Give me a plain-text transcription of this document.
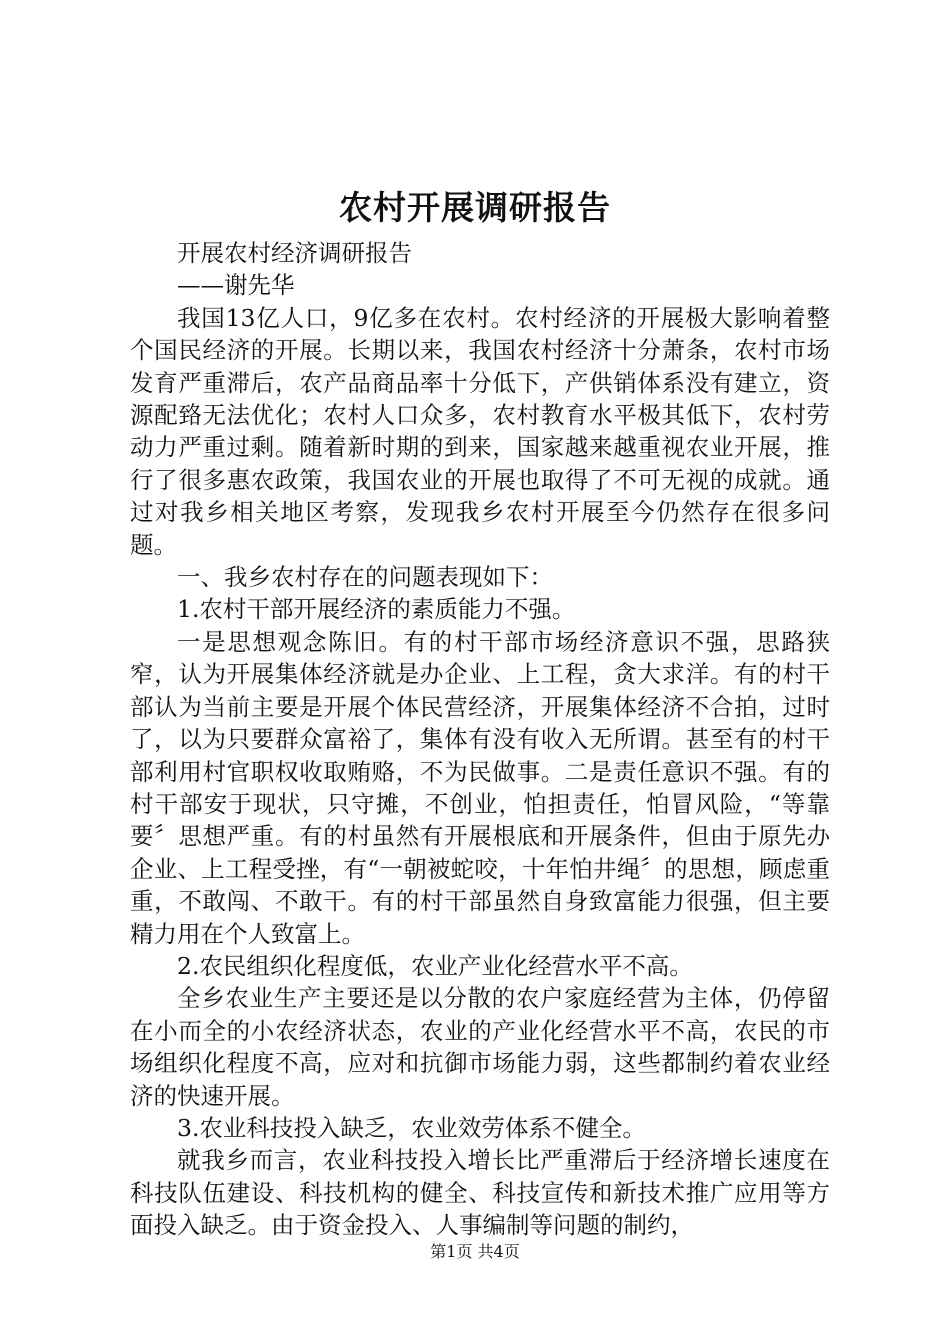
农村开展调研报告

开展农村经济调研报告

——谢先华

我国13亿人口，9亿多在农村。农村经济的开展极大影响着整个国民经济的开展。长期以来，我国农村经济十分萧条，农村市场发育严重滞后，农产品商品率十分低下，产供销体系没有建立，资源配臵无法优化；农村人口众多，农村教育水平极其低下，农村劳动力严重过剩。随着新时期的到来，国家越来越重视农业开展，推行了很多惠农政策，我国农业的开展也取得了不可无视的成就。通过对我乡相关地区考察，发现我乡农村开展至今仍然存在很多问题。

一、我乡农村存在的问题表现如下：

1.农村干部开展经济的素质能力不强。

一是思想观念陈旧。有的村干部市场经济意识不强，思路狭窄，认为开展集体经济就是办企业、上工程，贪大求洋。有的村干部认为当前主要是开展个体民营经济，开展集体经济不合拍，过时了，以为只要群众富裕了，集体有没有收入无所谓。甚至有的村干部利用村官职权收取贿赂，不为民做事。二是责任意识不强。有的村干部安于现状，只守摊，不创业，怕担责任，怕冒风险，“等靠要〞思想严重。有的村虽然有开展根底和开展条件，但由于原先办企业、上工程受挫，有“一朝被蛇咬，十年怕井绳〞的思想，顾虑重重，不敢闯、不敢干。有的村干部虽然自身致富能力很强，但主要精力用在个人致富上。

2.农民组织化程度低，农业产业化经营水平不高。

全乡农业生产主要还是以分散的农户家庭经营为主体，仍停留在小而全的小农经济状态，农业的产业化经营水平不高，农民的市场组织化程度不高，应对和抗御市场能力弱，这些都制约着农业经济的快速开展。

3.农业科技投入缺乏，农业效劳体系不健全。

就我乡而言，农业科技投入增长比严重滞后于经济增长速度在科技队伍建设、科技机构的健全、科技宣传和新技术推广应用等方面投入缺乏。由于资金投入、人事编制等问题的制约，

第1页 共4页
